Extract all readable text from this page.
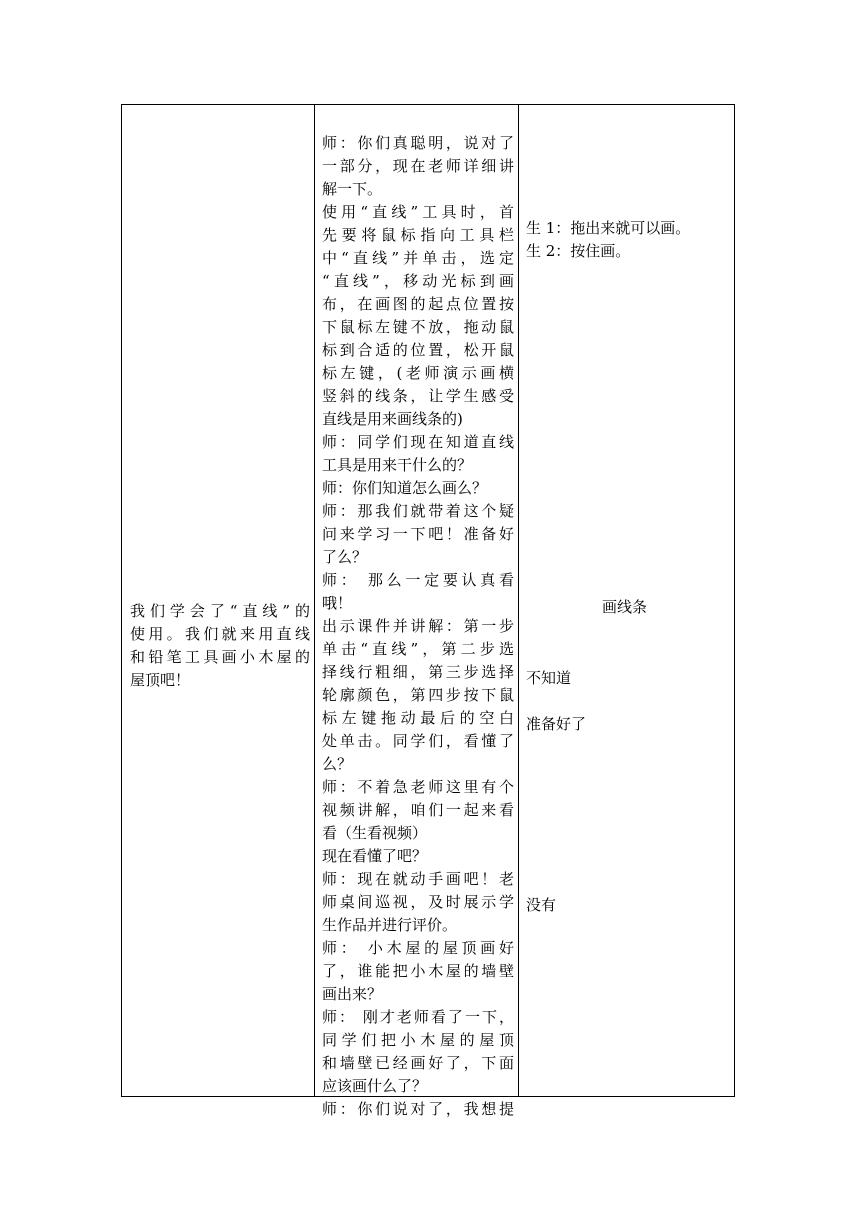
我们学会了“直线”的
使用。我们就来用直线
和铅笔工具画小木屋的
屋顶吧！
师：你们真聪明，说对了
一部分，现在老师详细讲
解一下。
使用“直线”工具时，首
先要将鼠标指向工具栏
中“直线”并单击，选定
“直线”，移动光标到画
布，在画图的起点位置按
下鼠标左键不放，拖动鼠
标到合适的位置，松开鼠
标左键，(老师演示画横
竖斜的线条，让学生感受
直线是用来画线条的)
师：同学们现在知道直线
工具是用来干什么的？
师：你们知道怎么画么？
师：那我们就带着这个疑
问来学习一下吧！准备好
了么？
师： 那么一定要认真看
哦！
出示课件并讲解：第一步
单击“直线”，第二步选
择线行粗细，第三步选择
轮廓颜色，第四步按下鼠
标左键拖动最后的空白
处单击。同学们，看懂了
么？
师：不着急老师这里有个
视频讲解，咱们一起来看
看（生看视频）
现在看懂了吧？
师：现在就动手画吧！老
师桌间巡视，及时展示学
生作品并进行评价。
师： 小木屋的屋顶画好
了，谁能把小木屋的墙壁
画出来？
师： 刚才老师看了一下，
同学们把小木屋的屋顶
和墙壁已经画好了，下面
应该画什么了？
师：你们说对了，我想提
生 1：拖出来就可以画。
生 2：按住画。
画线条
不知道
准备好了
没有
